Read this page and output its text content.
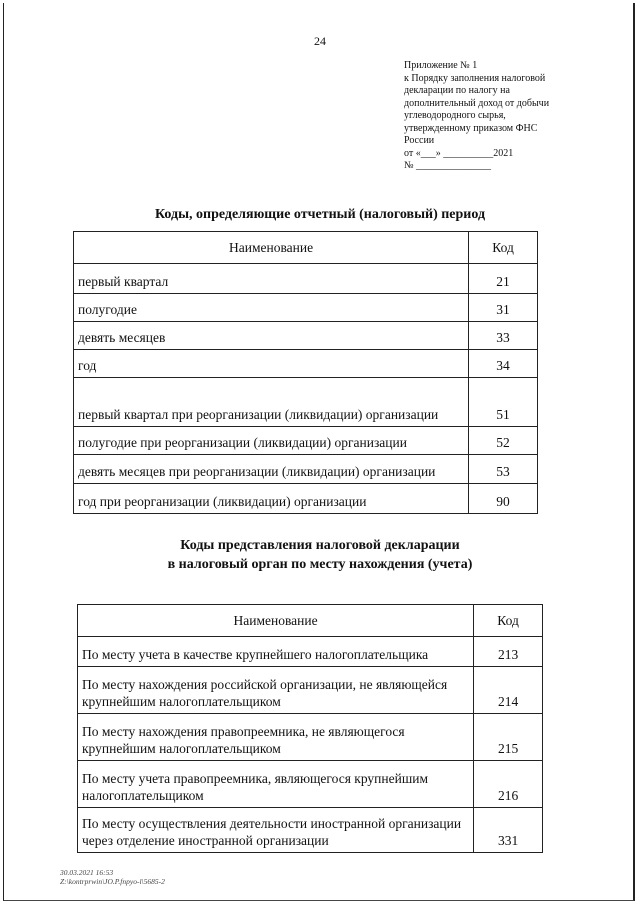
24
Приложение № 1
к Порядку заполнения налоговой
декларации по налогу на
дополнительный доход от добычи
углеводородного сырья,
утвержденному приказом ФНС
России
от «___» __________2021
№ _______________
Коды, определяющие отчетный (налоговый) период
Наименование	Код
первый квартал	21
полугодие	31
девять месяцев	33
год	34
первый квартал при реорганизации (ликвидации) организации	51
полугодие при реорганизации (ликвидации) организации	52
девять месяцев при реорганизации (ликвидации) организации	53
год при реорганизации (ликвидации) организации	90
Коды представления налоговой декларации
в налоговый орган по месту нахождения (учета)
Наименование	Код
По месту учета в качестве крупнейшего налогоплательщика	213
По месту нахождения российской организации, не являющейся крупнейшим налогоплательщиком	214
По месту нахождения правопреемника, не являющегося крупнейшим налогоплательщиком	215
По месту учета правопреемника, являющегося крупнейшим налогоплательщиком	216
По месту осуществления деятельности иностранной организации через отделение иностранной организации	331
30.03.2021 16:53
Z:\kontrprwin\JO.P.fnpyo-l\5685-2
